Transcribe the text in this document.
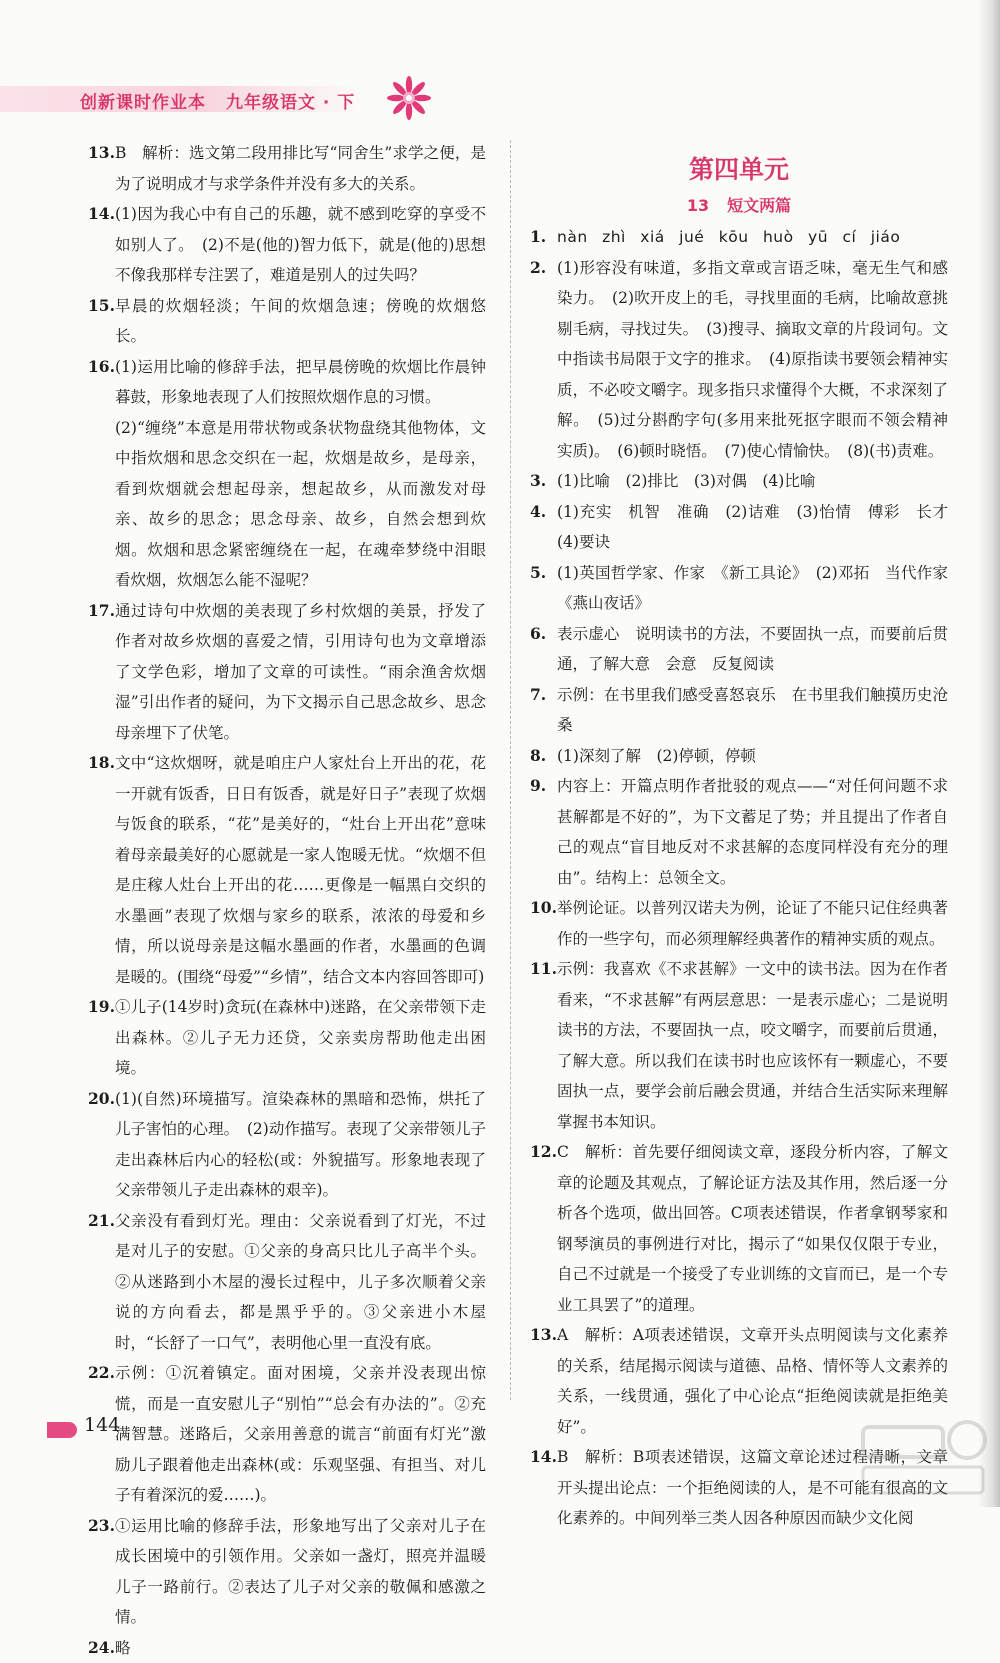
创新课时作业本 九年级语文 · 下
13. B　解析：选文第二段用排比写“同舍生”求学之便，是为了说明成才与求学条件并没有多大的关系。

14. (1)因为我心中有自己的乐趣，就不感到吃穿的享受不如别人了。　(2)不是(他的)智力低下，就是(他的)思想不像我那样专注罢了，难道是别人的过失吗？

15. 早晨的炊烟轻淡；午间的炊烟急速；傍晚的炊烟悠长。

16. (1)运用比喻的修辞手法，把早晨傍晚的炊烟比作晨钟暮鼓，形象地表现了人们按照炊烟作息的习惯。

(2)“缠绕”本意是用带状物或条状物盘绕其他物体，文中指炊烟和思念交织在一起，炊烟是故乡，是母亲，看到炊烟就会想起母亲，想起故乡，从而激发对母亲、故乡的思念；思念母亲、故乡，自然会想到炊烟。炊烟和思念紧密缠绕在一起，在魂牵梦绕中泪眼看炊烟，炊烟怎么能不湿呢？

17. 通过诗句中炊烟的美表现了乡村炊烟的美景，抒发了作者对故乡炊烟的喜爱之情，引用诗句也为文章增添了文学色彩，增加了文章的可读性。“雨余渔舍炊烟湿”引出作者的疑问，为下文揭示自己思念故乡、思念母亲埋下了伏笔。

18. 文中“这炊烟呀，就是咱庄户人家灶台上开出的花，花一开就有饭香，日日有饭香，就是好日子”表现了炊烟与饭食的联系，“花”是美好的，“灶台上开出花”意味着母亲最美好的心愿就是一家人饱暖无忧。“炊烟不但是庄稼人灶台上开出的花……更像是一幅黑白交织的水墨画”表现了炊烟与家乡的联系，浓浓的母爱和乡情，所以说母亲是这幅水墨画的作者，水墨画的色调是暖的。(围绕“母爱”“乡情”，结合文本内容回答即可)

19. ①儿子(14岁时)贪玩(在森林中)迷路，在父亲带领下走出森林。②儿子无力还贷，父亲卖房帮助他走出困境。

20. (1)(自然)环境描写。渲染森林的黑暗和恐怖，烘托了儿子害怕的心理。　(2)动作描写。表现了父亲带领儿子走出森林后内心的轻松(或：外貌描写。形象地表现了父亲带领儿子走出森林的艰辛)。

21. 父亲没有看到灯光。理由：父亲说看到了灯光，不过是对儿子的安慰。①父亲的身高只比儿子高半个头。②从迷路到小木屋的漫长过程中，儿子多次顺着父亲说的方向看去，都是黑乎乎的。③父亲进小木屋时，“长舒了一口气”，表明他心里一直没有底。

22. 示例：①沉着镇定。面对困境，父亲并没表现出惊慌，而是一直安慰儿子“别怕”“总会有办法的”。②充满智慧。迷路后，父亲用善意的谎言“前面有灯光”激励儿子跟着他走出森林(或：乐观坚强、有担当、对儿子有着深沉的爱……)。

23. ①运用比喻的修辞手法，形象地写出了父亲对儿子在成长困境中的引领作用。父亲如一盏灯，照亮并温暖儿子一路前行。②表达了儿子对父亲的敬佩和感激之情。

24. 略

第四单元
13 短文两篇
1. nàn zhì xiá jué kōu huò yū cí jiáo

2. (1)形容没有味道，多指文章或言语乏味，毫无生气和感染力。　(2)吹开皮上的毛，寻找里面的毛病，比喻故意挑剔毛病，寻找过失。　(3)搜寻、摘取文章的片段词句。文中指读书局限于文字的推求。　(4)原指读书要领会精神实质，不必咬文嚼字。现多指只求懂得个大概，不求深刻了解。　(5)过分斟酌字句(多用来批死抠字眼而不领会精神实质)。　(6)顿时晓悟。　(7)使心情愉快。　(8)(书)责难。

3. (1)比喻　(2)排比　(3)对偶　(4)比喻

4. (1)充实　机智　准确　(2)诘难　(3)怡情　傅彩　长才　(4)要诀

5. (1)英国哲学家、作家　《新工具论》　(2)邓拓　当代作家　《燕山夜话》

6. 表示虚心　说明读书的方法，不要固执一点，而要前后贯通，了解大意　会意　反复阅读

7. 示例：在书里我们感受喜怒哀乐　在书里我们触摸历史沧桑

8. (1)深刻了解　(2)停顿，停顿

9. 内容上：开篇点明作者批驳的观点——“对任何问题不求甚解都是不好的”，为下文蓄足了势；并且提出了作者自己的观点“盲目地反对不求甚解的态度同样没有充分的理由”。结构上：总领全文。

10. 举例论证。以普列汉诺夫为例，论证了不能只记住经典著作的一些字句，而必须理解经典著作的精神实质的观点。

11. 示例：我喜欢《不求甚解》一文中的读书法。因为在作者看来，“不求甚解”有两层意思：一是表示虚心；二是说明读书的方法，不要固执一点，咬文嚼字，而要前后贯通，了解大意。所以我们在读书时也应该怀有一颗虚心，不要固执一点，要学会前后融会贯通，并结合生活实际来理解掌握书本知识。

12. C　解析：首先要仔细阅读文章，逐段分析内容，了解文章的论题及其观点，了解论证方法及其作用，然后逐一分析各个选项，做出回答。C项表述错误，作者拿钢琴家和钢琴演员的事例进行对比，揭示了“如果仅仅限于专业，自己不过就是一个接受了专业训练的文盲而已，是一个专业工具罢了”的道理。

13. A　解析：A项表述错误，文章开头点明阅读与文化素养的关系，结尾揭示阅读与道德、品格、情怀等人文素养的关系，一线贯通，强化了中心论点“拒绝阅读就是拒绝美好”。

14. B　解析：B项表述错误，这篇文章论述过程清晰，文章开头提出论点：一个拒绝阅读的人，是不可能有很高的文化素养的。中间列举三类人因各种原因而缺少文化阅

144
